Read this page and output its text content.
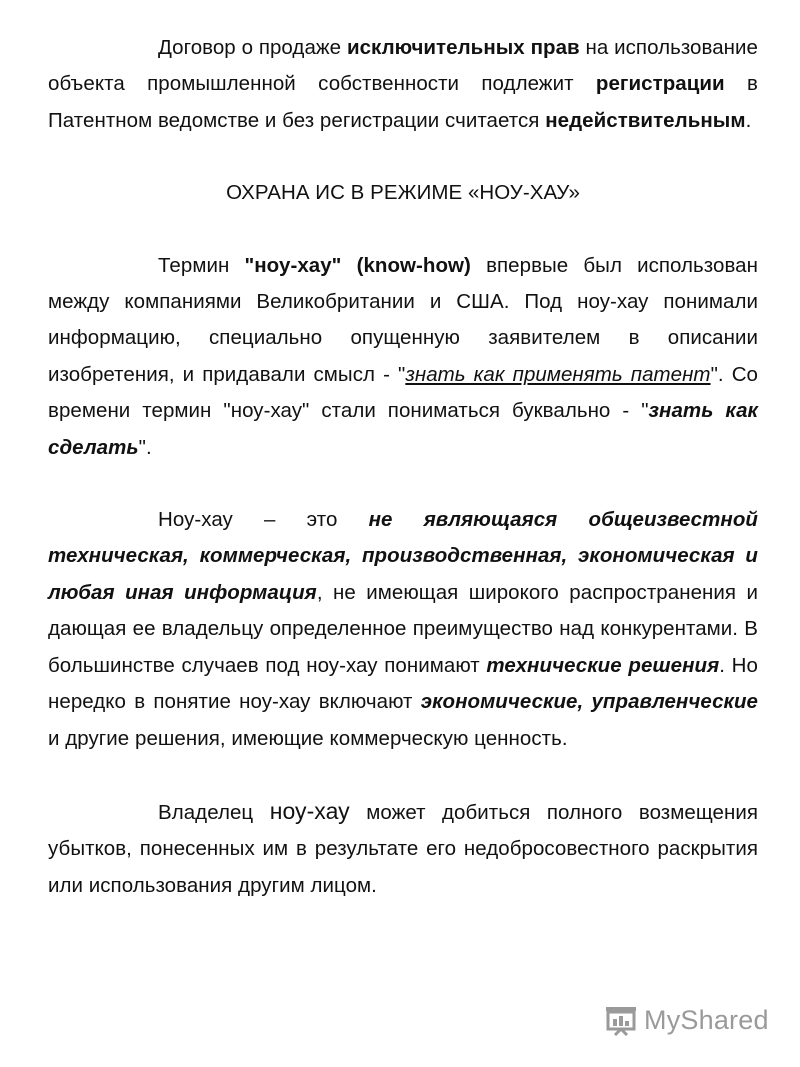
Договор о продаже исключительных прав на использование объекта промышленной собственности подлежит регистрации в Патентном ведомстве и без регистрации считается недействительным.

ОХРАНА ИС В РЕЖИМЕ «НОУ-ХАУ»

Термин "ноу-хау" (know-how) впервые был использован между компаниями Великобритании и США. Под ноу-хау понимали информацию, специально опущенную заявителем в описании изобретения, и придавали смысл - "знать как применять патент". Со времени термин "ноу-хау" стали пониматься буквально - "знать как сделать".

Ноу-хау – это не являющаяся общеизвестной техническая, коммерческая, производственная, экономическая и любая иная информация, не имеющая широкого распространения и дающая ее владельцу определенное преимущество над конкурентами. В большинстве случаев под ноу-хау понимают технические решения. Но нередко в понятие ноу-хау включают экономические, управленческие и другие решения, имеющие коммерческую ценность.

Владелец ноу-хау может добиться полного возмещения убытков, понесенных им в результате его недобросовестного раскрытия или использования другим лицом.

MyShared
